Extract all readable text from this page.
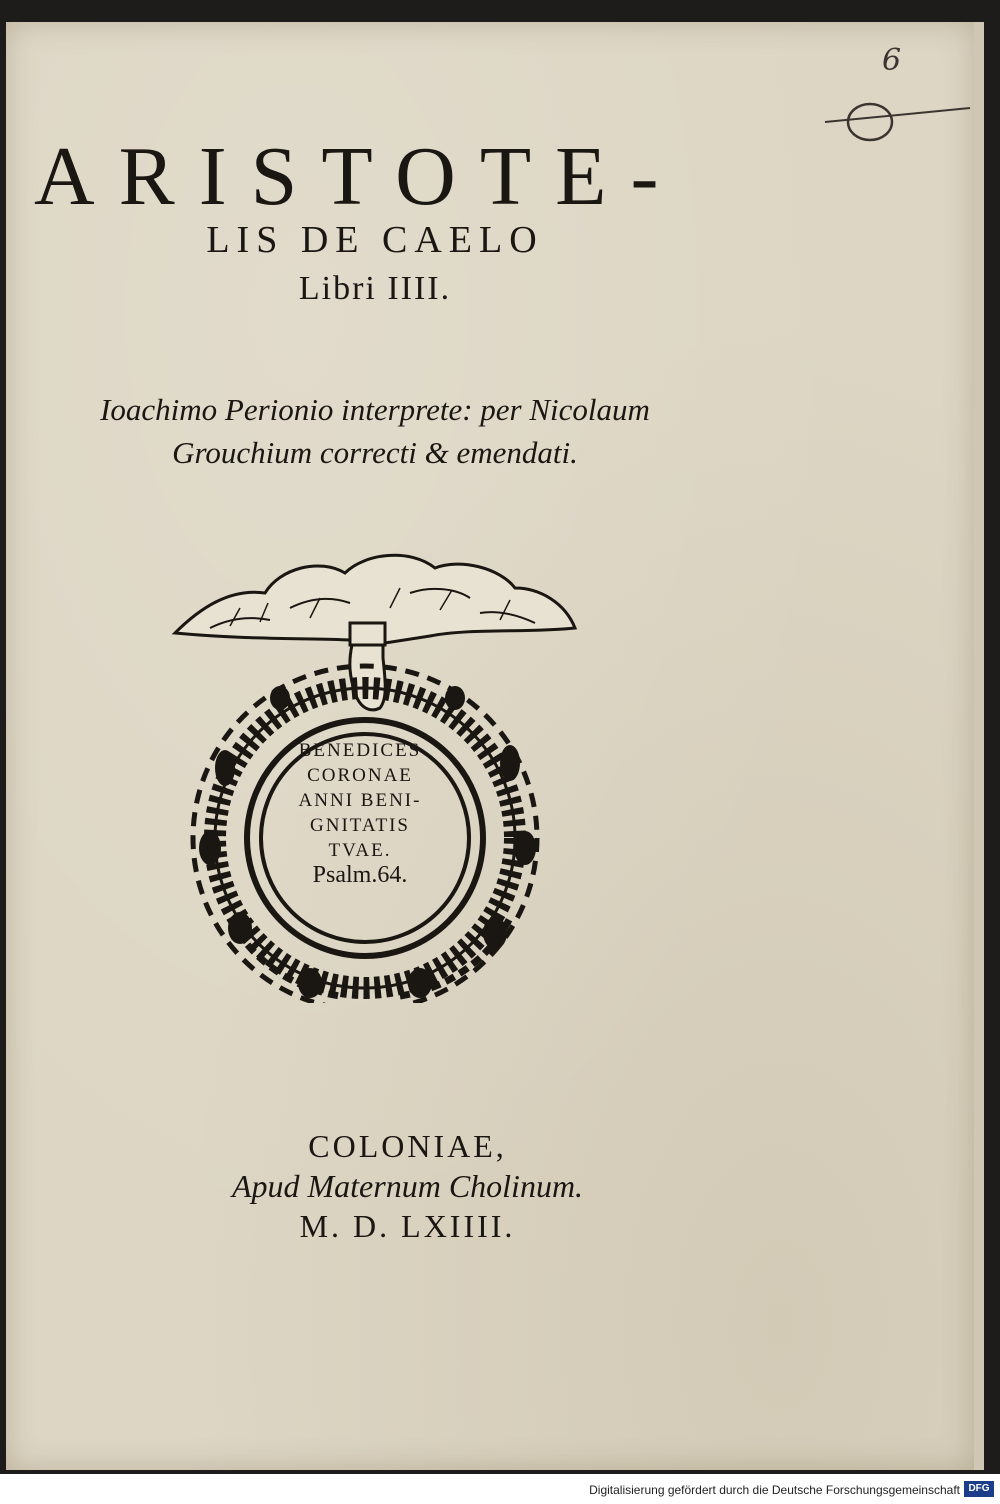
6
ARISTOTE-
LIS DE CAELO
Libri IIII.
Ioachimo Perionio interprete: per Nicolaum
Grouchium correcti & emendati.
BENEDICES
CORONAE
ANNI BENI-
GNITATIS
TVAE.
Psalm.64.
COLONIAE,
Apud Maternum Cholinum.
M. D. LXIIII.
Digitalisierung gefördert durch die Deutsche Forschungsgemeinschaft DFG
